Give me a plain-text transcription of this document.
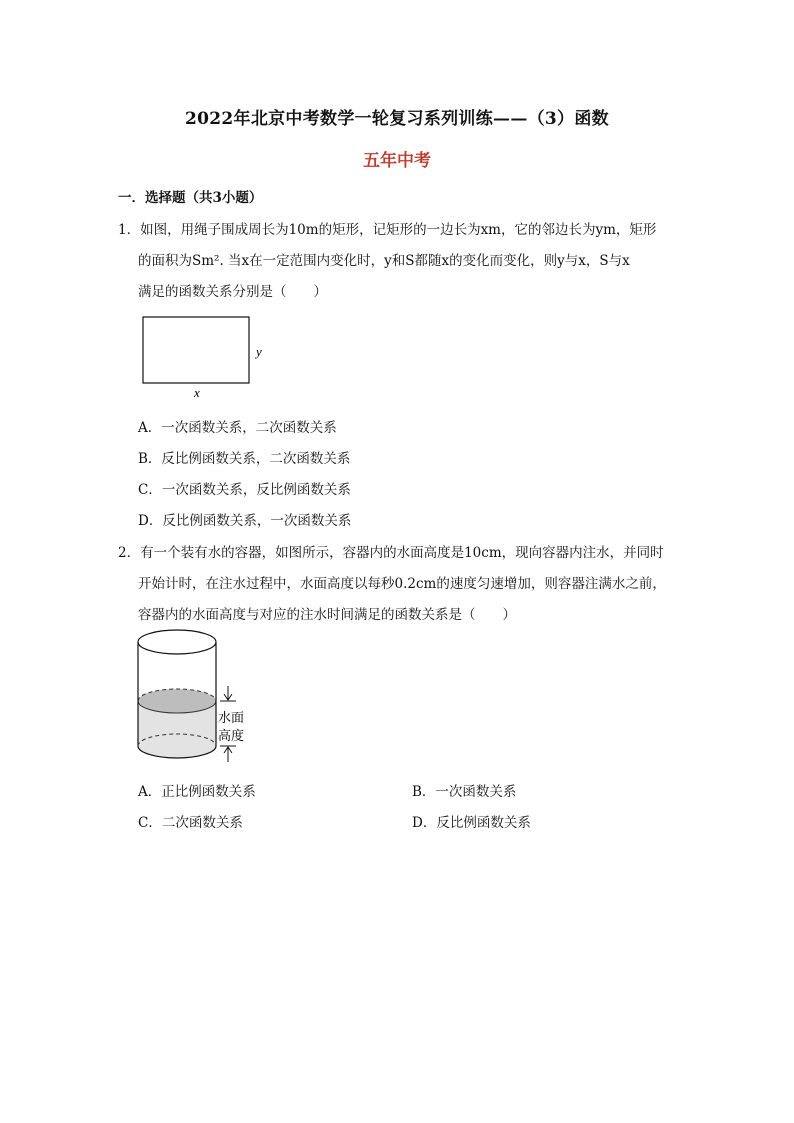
2022年北京中考数学一轮复习系列训练——（3）函数
五年中考
一．选择题（共3小题）
1．如图，用绳子围成周长为10m的矩形，记矩形的一边长为xm，它的邻边长为ym，矩形
的面积为Sm². 当x在一定范围内变化时，y和S都随x的变化而变化，则y与x，S与x
满足的函数关系分别是（　　）
y
x
A．一次函数关系，二次函数关系
B．反比例函数关系，二次函数关系
C．一次函数关系，反比例函数关系
D．反比例函数关系，一次函数关系
2．有一个装有水的容器，如图所示，容器内的水面高度是10cm，现向容器内注水，并同时
开始计时，在注水过程中，水面高度以每秒0.2cm的速度匀速增加，则容器注满水之前，
容器内的水面高度与对应的注水时间满足的函数关系是（　　）
水面
高度
A．正比例函数关系	B．一次函数关系
C．二次函数关系	D．反比例函数关系
